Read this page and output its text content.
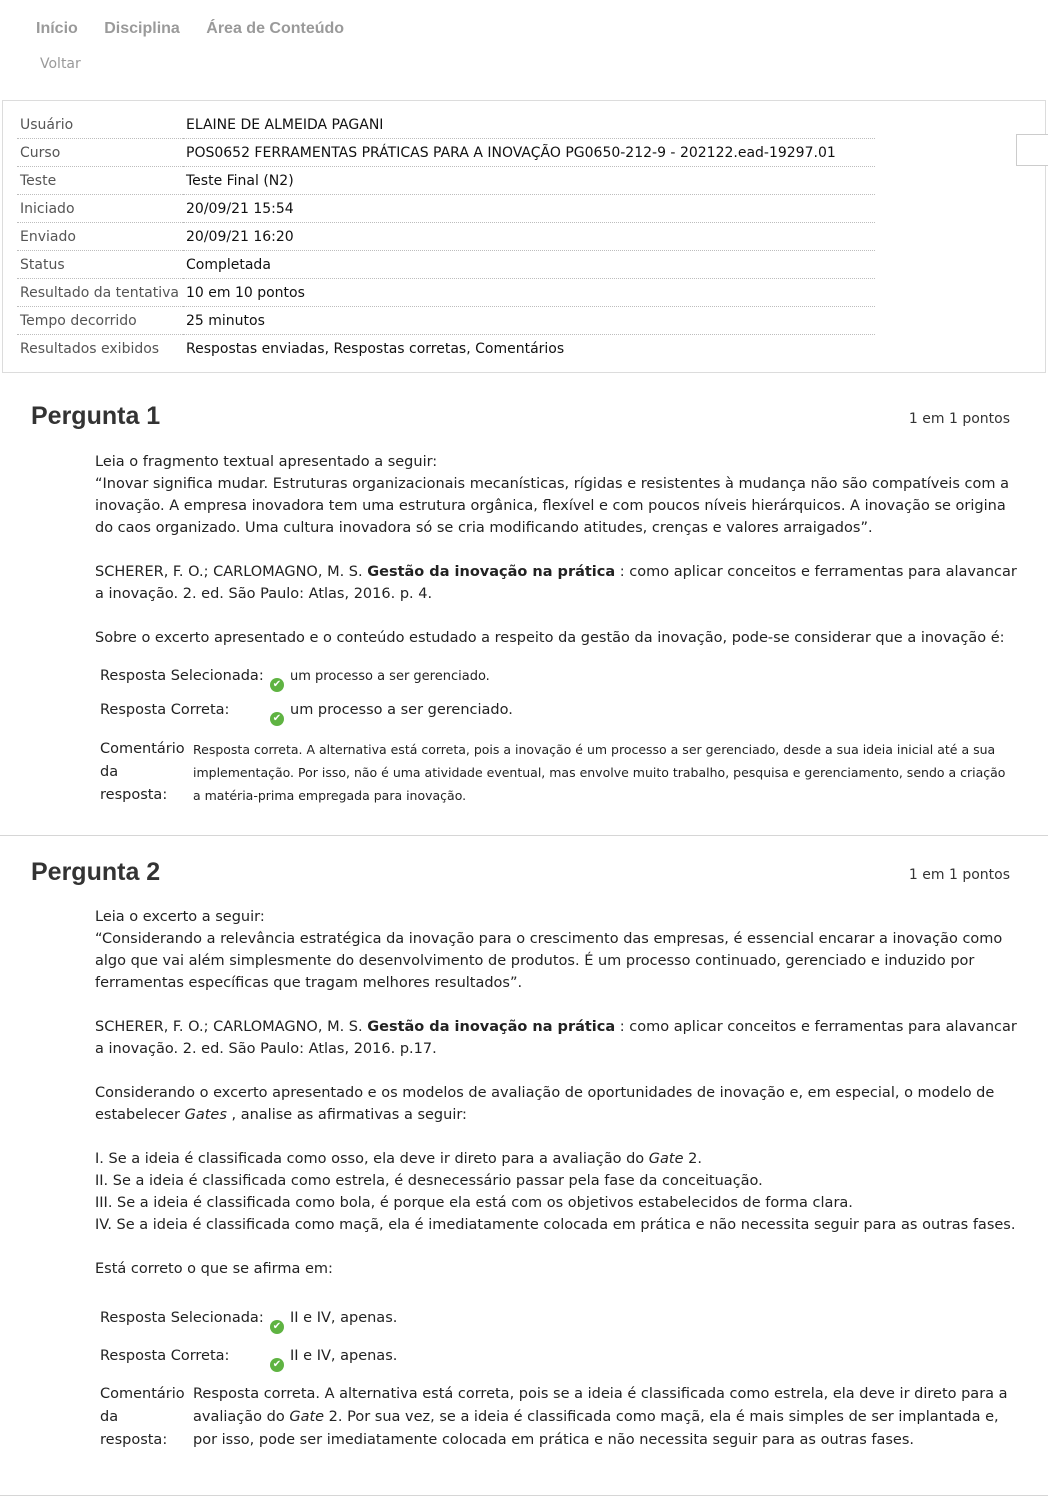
Início Disciplina Área de Conteúdo
Voltar
Usuário	ELAINE DE ALMEIDA PAGANI
Curso	POS0652 FERRAMENTAS PRÁTICAS PARA A INOVAÇÃO PG0650-212-9 - 202122.ead-19297.01
Teste	Teste Final (N2)
Iniciado	20/09/21 15:54
Enviado	20/09/21 16:20
Status	Completada
Resultado da tentativa	10 em 10 pontos
Tempo decorrido	25 minutos
Resultados exibidos	Respostas enviadas, Respostas corretas, Comentários
Pergunta 1	1 em 1 pontos

Leia o fragmento textual apresentado a seguir:

“Inovar significa mudar. Estruturas organizacionais mecanísticas, rígidas e resistentes à mudança não são compatíveis com a inovação. A empresa inovadora tem uma estrutura orgânica, flexível e com poucos níveis hierárquicos. A inovação se origina do caos organizado. Uma cultura inovadora só se cria modificando atitudes, crenças e valores arraigados”.

SCHERER, F. O.; CARLOMAGNO, M. S. Gestão da inovação na prática : como aplicar conceitos e ferramentas para alavancar a inovação. 2. ed. São Paulo: Atlas, 2016. p. 4.

Sobre o excerto apresentado e o conteúdo estudado a respeito da gestão da inovação, pode-se considerar que a inovação é:

Resposta Selecionada:✔um processo a ser gerenciado.
Resposta Correta:✔um processo a ser gerenciado.
Comentário
da
resposta:
Resposta correta. A alternativa está correta, pois a inovação é um processo a ser gerenciado, desde a sua ideia inicial até a sua implementação. Por isso, não é uma atividade eventual, mas envolve muito trabalho, pesquisa e gerenciamento, sendo a criação a matéria-prima empregada para inovação.
Pergunta 2	1 em 1 pontos

Leia o excerto a seguir:

“Considerando a relevância estratégica da inovação para o crescimento das empresas, é essencial encarar a inovação como algo que vai além simplesmente do desenvolvimento de produtos. É um processo continuado, gerenciado e induzido por ferramentas específicas que tragam melhores resultados”.

SCHERER, F. O.; CARLOMAGNO, M. S. Gestão da inovação na prática : como aplicar conceitos e ferramentas para alavancar a inovação. 2. ed. São Paulo: Atlas, 2016. p.17.

Considerando o excerto apresentado e os modelos de avaliação de oportunidades de inovação e, em especial, o modelo de estabelecer Gates , analise as afirmativas a seguir:

I. Se a ideia é classificada como osso, ela deve ir direto para a avaliação do Gate 2.

II. Se a ideia é classificada como estrela, é desnecessário passar pela fase da conceituação.

III. Se a ideia é classificada como bola, é porque ela está com os objetivos estabelecidos de forma clara.

IV. Se a ideia é classificada como maçã, ela é imediatamente colocada em prática e não necessita seguir para as outras fases.

Está correto o que se afirma em:

Resposta Selecionada:✔II e IV, apenas.
Resposta Correta:✔II e IV, apenas.
Comentário
da
resposta:
Resposta correta. A alternativa está correta, pois se a ideia é classificada como estrela, ela deve ir direto para a avaliação do Gate 2. Por sua vez, se a ideia é classificada como maçã, ela é mais simples de ser implantada e, por isso, pode ser imediatamente colocada em prática e não necessita seguir para as outras fases.
